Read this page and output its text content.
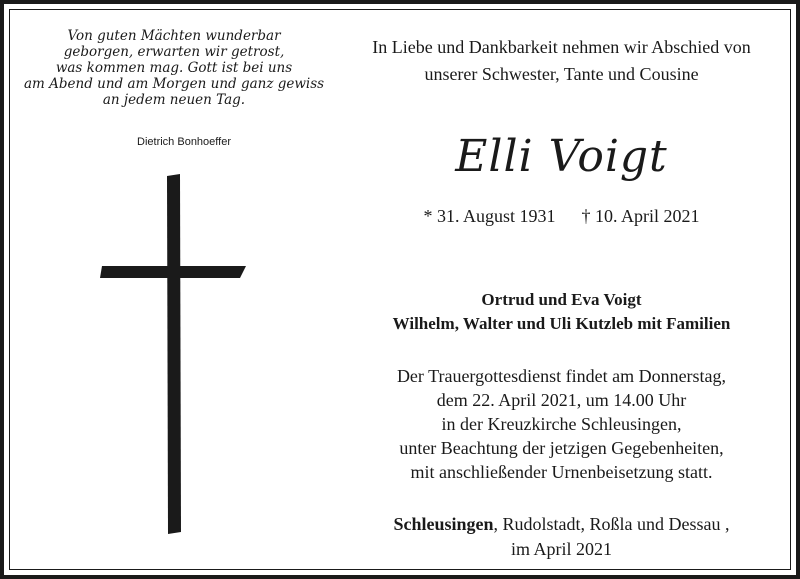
Von guten Mächten wunderbar
geborgen, erwarten wir getrost,
was kommen mag. Gott ist bei uns
am Abend und am Morgen und ganz gewiss
an jedem neuen Tag.
Dietrich Bonhoeffer
In Liebe und Dankbarkeit nehmen wir Abschied von
unserer Schwester, Tante und Cousine
Elli Voigt
* 31. August 1931 † 10. April 2021
Ortrud und Eva Voigt
Wilhelm, Walter und Uli Kutzleb mit Familien
Der Trauergottesdienst findet am Donnerstag,
dem 22. April 2021, um 14.00 Uhr
in der Kreuzkirche Schleusingen,
unter Beachtung der jetzigen Gegebenheiten,
mit anschließender Urnenbeisetzung statt.
Schleusingen, Rudolstadt, Roßla und Dessau ,
im April 2021
